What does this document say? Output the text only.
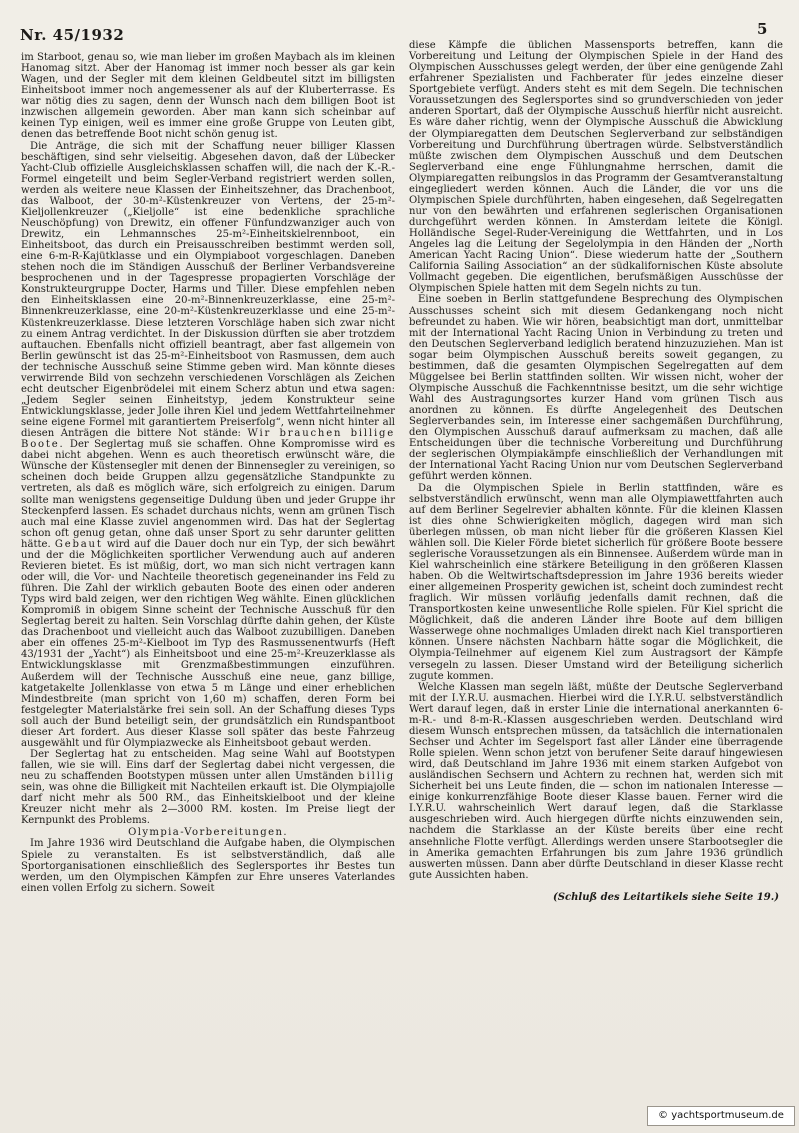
Nr. 45/1932	5

im Starboot, genau so, wie man lieber im großen Maybach als im kleinen Hanomag sitzt. Aber der Hanomag ist immer noch besser als gar kein Wagen, und der Segler mit dem kleinen Geldbeutel sitzt im billigsten Einheitsboot immer noch angemessener als auf der Kluberterrasse. Es war nötig dies zu sagen, denn der Wunsch nach dem billigen Boot ist inzwischen allgemein geworden. Aber man kann sich scheinbar auf keinen Typ einigen, weil es immer eine große Gruppe von Leuten gibt, denen das betreffende Boot nicht schön genug ist.

Die Anträge, die sich mit der Schaffung neuer billiger Klassen beschäftigen, sind sehr vielseitig. Abgesehen davon, daß der Lübecker Yacht-Club offizielle Ausgleichsklassen schaffen will, die nach der K.-R.-Formel eingeteilt und beim Segler-Verband registriert werden sollen, werden als weitere neue Klassen der Einheitszehner, das Drachenboot, das Walboot, der 30-m²-Küstenkreuzer von Vertens, der 25-m²-Kieljollenkreuzer („Kieljolle“ ist eine bedenkliche sprachliche Neuschöpfung) von Drewitz, ein offener Fünfundzwanziger auch von Drewitz, ein Lehmannsches 25-m²-Einheitskielrennboot, ein Einheitsboot, das durch ein Preisausschreiben bestimmt werden soll, eine 6-m-R-Kajütklasse und ein Olympiaboot vorgeschlagen. Daneben stehen noch die im Ständigen Ausschuß der Berliner Verbandsvereine besprochenen und in der Tagespresse propagierten Vorschläge der Konstrukteurgruppe Docter, Harms und Tiller. Diese empfehlen neben den Einheitsklassen eine 20-m²-Binnenkreuzerklasse, eine 25-m²-Binnenkreuzerklasse, eine 20-m²-Küstenkreuzerklasse und eine 25-m²-Küstenkreuzerklasse. Diese letzteren Vorschläge haben sich zwar nicht zu einem Antrag verdichtet. In der Diskussion dürften sie aber trotzdem auftauchen. Ebenfalls nicht offiziell beantragt, aber fast allgemein von Berlin gewünscht ist das 25-m²-Einheitsboot von Rasmussen, dem auch der technische Ausschuß seine Stimme geben wird. Man könnte dieses verwirrende Bild von sechzehn verschiedenen Vorschlägen als Zeichen echt deutscher Eigenbrödelei mit einem Scherz abtun und etwa sagen: „Jedem Segler seinen Einheitstyp, jedem Konstrukteur seine Entwicklungsklasse, jeder Jolle ihren Kiel und jedem Wettfahrteilnehmer seine eigene Formel mit garantiertem Preiserfolg“, wenn nicht hinter all diesen Anträgen die bittere Not stände: Wir brauchen billige Boote. Der Seglertag muß sie schaffen. Ohne Kompromisse wird es dabei nicht abgehen. Wenn es auch theoretisch erwünscht wäre, die Wünsche der Küstensegler mit denen der Binnensegler zu vereinigen, so scheinen doch beide Gruppen allzu gegensätzliche Standpunkte zu vertreten, als daß es möglich wäre, sich erfolgreich zu einigen. Darum sollte man wenigstens gegenseitige Duldung üben und jeder Gruppe ihr Steckenpferd lassen. Es schadet durchaus nichts, wenn am grünen Tisch auch mal eine Klasse zuviel angenommen wird. Das hat der Seglertag schon oft genug getan, ohne daß unser Sport zu sehr darunter gelitten hätte. Gebaut wird auf die Dauer doch nur ein Typ, der sich bewährt und der die Möglichkeiten sportlicher Verwendung auch auf anderen Revieren bietet. Es ist müßig, dort, wo man sich nicht vertragen kann oder will, die Vor- und Nachteile theoretisch gegeneinander ins Feld zu führen. Die Zahl der wirklich gebauten Boote des einen oder anderen Typs wird bald zeigen, wer den richtigen Weg wählte. Einen glücklichen Kompromiß in obigem Sinne scheint der Technische Ausschuß für den Seglertag bereit zu halten. Sein Vorschlag dürfte dahin gehen, der Küste das Drachenboot und vielleicht auch das Walboot zuzubilligen. Daneben aber ein offenes 25-m²-Kielboot im Typ des Rasmussenentwurfs (Heft 43/1931 der „Yacht“) als Einheitsboot und eine 25-m²-Kreuzerklasse als Entwicklungsklasse mit Grenzmaßbestimmungen einzuführen. Außerdem will der Technische Ausschuß eine neue, ganz billige, katgetakelte Jollenklasse von etwa 5 m Länge und einer erheblichen Mindestbreite (man spricht von 1,60 m) schaffen, deren Form bei festgelegter Materialstärke frei sein soll. An der Schaffung dieses Typs soll auch der Bund beteiligt sein, der grundsätzlich ein Rundspantboot dieser Art fordert. Aus dieser Klasse soll später das beste Fahrzeug ausgewählt und für Olympiazwecke als Einheitsboot gebaut werden.

Der Seglertag hat zu entscheiden. Mag seine Wahl auf Bootstypen fallen, wie sie will. Eins darf der Seglertag dabei nicht vergessen, die neu zu schaffenden Bootstypen müssen unter allen Umständen billig sein, was ohne die Billigkeit mit Nachteilen erkauft ist. Die Olympiajolle darf nicht mehr als 500 RM., das Einheitskielboot und der kleine Kreuzer nicht mehr als 2—3000 RM. kosten. Im Preise liegt der Kernpunkt des Problems.

Olympia-Vorbereitungen.

Im Jahre 1936 wird Deutschland die Aufgabe haben, die Olympischen Spiele zu veranstalten. Es ist selbstverständlich, daß alle Sportorganisationen einschließlich des Seglersportes ihr Bestes tun werden, um den Olympischen Kämpfen zur Ehre unseres Vaterlandes einen vollen Erfolg zu sichern. Soweit

diese Kämpfe die üblichen Massensports betreffen, kann die Vorbereitung und Leitung der Olympischen Spiele in der Hand des Olympischen Ausschusses gelegt werden, der über eine genügende Zahl erfahrener Spezialisten und Fachberater für jedes einzelne dieser Sportgebiete verfügt. Anders steht es mit dem Segeln. Die technischen Voraussetzungen des Seglersportes sind so grundverschieden von jeder anderen Sportart, daß der Olympische Ausschuß hierfür nicht ausreicht. Es wäre daher richtig, wenn der Olympische Ausschuß die Abwicklung der Olympiaregatten dem Deutschen Seglerverband zur selbständigen Vorbereitung und Durchführung übertragen würde. Selbstverständlich müßte zwischen dem Olympischen Ausschuß und dem Deutschen Seglerverband eine enge Fühlungnahme herrschen, damit die Olympiaregatten reibungslos in das Programm der Gesamtveranstaltung eingegliedert werden können. Auch die Länder, die vor uns die Olympischen Spiele durchführten, haben eingesehen, daß Segelregatten nur von den bewährten und erfahrenen seglerischen Organisationen durchgeführt werden können. In Amsterdam leitete die Königl. Holländische Segel-Ruder-Vereinigung die Wettfahrten, und in Los Angeles lag die Leitung der Segelolympia in den Händen der „North American Yacht Racing Union“. Diese wiederum hatte der „Southern California Sailing Association“ an der südkalifornischen Küste absolute Vollmacht gegeben. Die eigentlichen, berufsmäßigen Ausschüsse der Olympischen Spiele hatten mit dem Segeln nichts zu tun.

Eine soeben in Berlin stattgefundene Besprechung des Olympischen Ausschusses scheint sich mit diesem Gedankengang noch nicht befreundet zu haben. Wie wir hören, beabsichtigt man dort, unmittelbar mit der International Yacht Racing Union in Verbindung zu treten und den Deutschen Seglerverband lediglich beratend hinzuzuziehen. Man ist sogar beim Olympischen Ausschuß bereits soweit gegangen, zu bestimmen, daß die gesamten Olympischen Segelregatten auf dem Müggelsee bei Berlin stattfinden sollten. Wir wissen nicht, woher der Olympische Ausschuß die Fachkenntnisse besitzt, um die sehr wichtige Wahl des Austragungsortes kurzer Hand vom grünen Tisch aus anordnen zu können. Es dürfte Angelegenheit des Deutschen Seglerverbandes sein, im Interesse einer sachgemäßen Durchführung, den Olympischen Ausschuß darauf aufmerksam zu machen, daß alle Entscheidungen über die technische Vorbereitung und Durchführung der seglerischen Olympiakämpfe einschließlich der Verhandlungen mit der International Yacht Racing Union nur vom Deutschen Seglerverband geführt werden können.

Da die Olympischen Spiele in Berlin stattfinden, wäre es selbstverständlich erwünscht, wenn man alle Olympiawettfahrten auch auf dem Berliner Segelrevier abhalten könnte. Für die kleinen Klassen ist dies ohne Schwierigkeiten möglich, dagegen wird man sich überlegen müssen, ob man nicht lieber für die größeren Klassen Kiel wählen soll. Die Kieler Förde bietet sicherlich für größere Boote bessere seglerische Voraussetzungen als ein Binnensee. Außerdem würde man in Kiel wahrscheinlich eine stärkere Beteiligung in den größeren Klassen haben. Ob die Weltwirtschaftsdepression im Jahre 1936 bereits wieder einer allgemeinen Prosperity gewichen ist, scheint doch zumindest recht fraglich. Wir müssen vorläufig jedenfalls damit rechnen, daß die Transportkosten keine unwesentliche Rolle spielen. Für Kiel spricht die Möglichkeit, daß die anderen Länder ihre Boote auf dem billigen Wasserwege ohne nochmaliges Umladen direkt nach Kiel transportieren können. Unsere nächsten Nachbarn hätte sogar die Möglichkeit, die Olympia-Teilnehmer auf eigenem Kiel zum Austragsort der Kämpfe versegeln zu lassen. Dieser Umstand wird der Beteiligung sicherlich zugute kommen.

Welche Klassen man segeln läßt, müßte der Deutsche Seglerverband mit der I.Y.R.U. ausmachen. Hierbei wird die I.Y.R.U. selbstverständlich Wert darauf legen, daß in erster Linie die international anerkannten 6-m-R.- und 8-m-R.-Klassen ausgeschrieben werden. Deutschland wird diesem Wunsch entsprechen müssen, da tatsächlich die internationalen Sechser und Achter im Segelsport fast aller Länder eine überragende Rolle spielen. Wenn schon jetzt von berufener Seite darauf hingewiesen wird, daß Deutschland im Jahre 1936 mit einem starken Aufgebot von ausländischen Sechsern und Achtern zu rechnen hat, werden sich mit Sicherheit bei uns Leute finden, die — schon im nationalen Interesse — einige konkurrenzfähige Boote dieser Klasse bauen. Ferner wird die I.Y.R.U. wahrscheinlich Wert darauf legen, daß die Starklasse ausgeschrieben wird. Auch hiergegen dürfte nichts einzuwenden sein, nachdem die Starklasse an der Küste bereits über eine recht ansehnliche Flotte verfügt. Allerdings werden unsere Starbootsegler die in Amerika gemachten Erfahrungen bis zum Jahre 1936 gründlich auswerten müssen. Dann aber dürfte Deutschland in dieser Klasse recht gute Aussichten haben.

(Schluß des Leitartikels siehe Seite 19.)
© yachtsportmuseum.de
